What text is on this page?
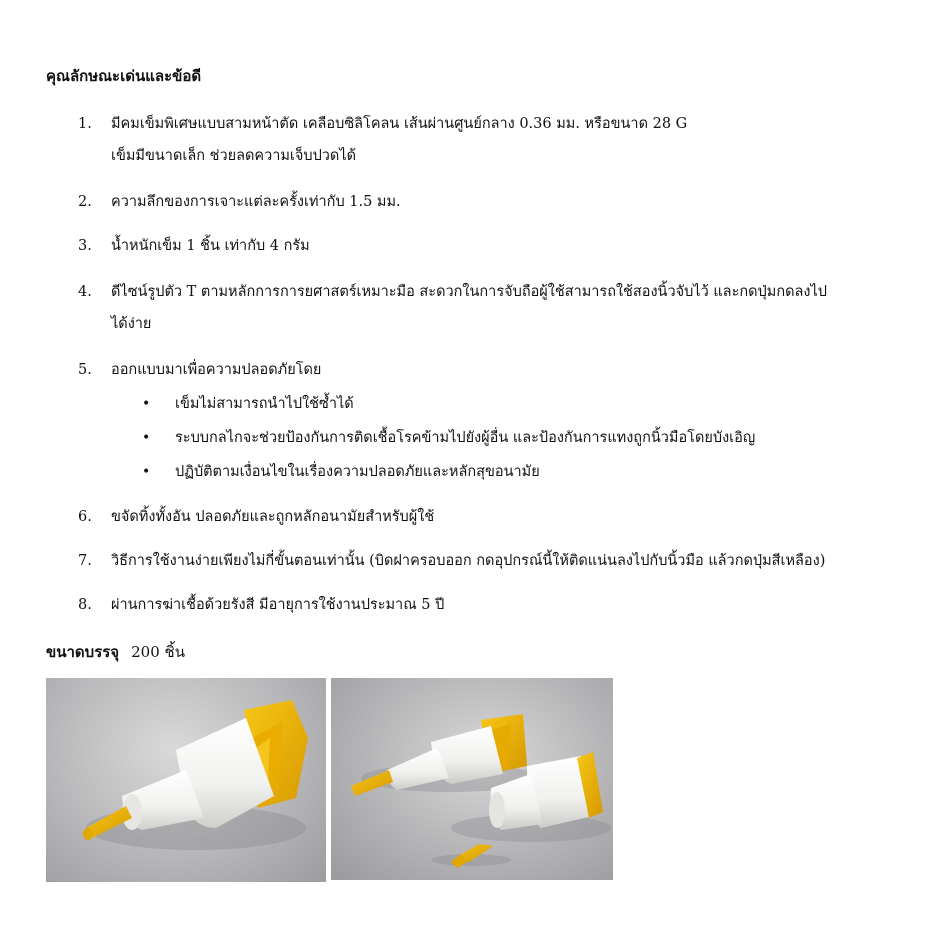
คุณลักษณะเด่นและข้อดี
1. มีคมเข็มพิเศษแบบสามหน้าตัด เคลือบซิลิโคลน เส้นผ่านศูนย์กลาง 0.36 มม. หรือขนาด 28 G
เข็มมีขนาดเล็ก ช่วยลดความเจ็บปวดได้
2. ความลึกของการเจาะแต่ละครั้งเท่ากับ 1.5 มม.
3. น้ำหนักเข็ม 1 ชิ้น เท่ากับ 4 กรัม
4. ดีไซน์รูปตัว T ตามหลักการการยศาสตร์เหมาะมือ สะดวกในการจับถือผู้ใช้สามารถใช้สองนิ้วจับไว้ และกดปุ่มกดลงไป
ได้ง่าย
5. ออกแบบมาเพื่อความปลอดภัยโดย
• เข็มไม่สามารถนำไปใช้ซ้ำได้
• ระบบกลไกจะช่วยป้องกันการติดเชื้อโรคข้ามไปยังผู้อื่น และป้องกันการแทงถูกนิ้วมือโดยบังเอิญ
• ปฏิบัติตามเงื่อนไขในเรื่องความปลอดภัยและหลักสุขอนามัย
6. ขจัดทิ้งทั้งอัน ปลอดภัยและถูกหลักอนามัยสำหรับผู้ใช้
7. วิธีการใช้งานง่ายเพียงไม่กี่ขั้นตอนเท่านั้น (บิดฝาครอบออก กดอุปกรณ์นี้ให้ติดแน่นลงไปกับนิ้วมือ แล้วกดปุ่มสีเหลือง)
8. ผ่านการฆ่าเชื้อด้วยรังสี มีอายุการใช้งานประมาณ 5 ปี
ขนาดบรรจุ 200 ชิ้น
